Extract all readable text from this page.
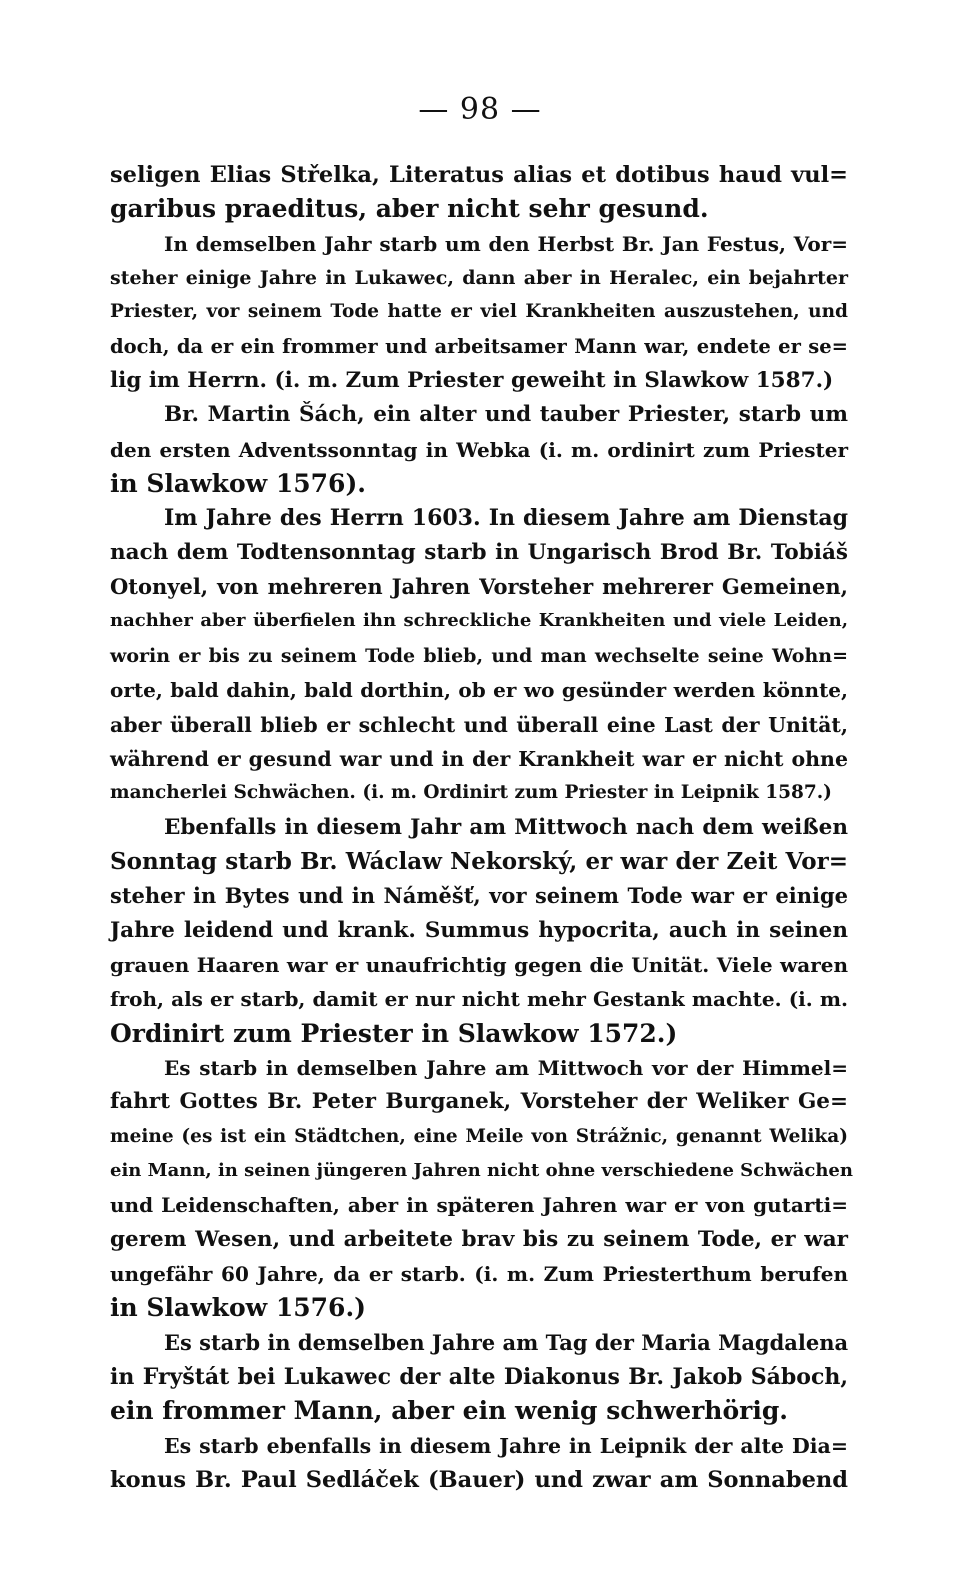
— 98 —
seligen Elias Střelka, Literatus alias et dotibus haud vul=
garibus praeditus, aber nicht sehr gesund.
In demselben Jahr starb um den Herbst Br. Jan Festus, Vor=
steher einige Jahre in Lukawec, dann aber in Heralec, ein bejahrter
Priester, vor seinem Tode hatte er viel Krankheiten auszustehen, und
doch, da er ein frommer und arbeitsamer Mann war, endete er se=
lig im Herrn. (i. m. Zum Priester geweiht in Slawkow 1587.)
Br. Martin Šách, ein alter und tauber Priester, starb um
den ersten Adventssonntag in Webka (i. m. ordinirt zum Priester
in Slawkow 1576).
Im Jahre des Herrn 1603. In diesem Jahre am Dienstag
nach dem Todtensonntag starb in Ungarisch Brod Br. Tobiáš
Otonyel, von mehreren Jahren Vorsteher mehrerer Gemeinen,
nachher aber überfielen ihn schreckliche Krankheiten und viele Leiden,
worin er bis zu seinem Tode blieb, und man wechselte seine Wohn=
orte, bald dahin, bald dorthin, ob er wo gesünder werden könnte,
aber überall blieb er schlecht und überall eine Last der Unität,
während er gesund war und in der Krankheit war er nicht ohne
mancherlei Schwächen. (i. m. Ordinirt zum Priester in Leipnik 1587.)
Ebenfalls in diesem Jahr am Mittwoch nach dem weißen
Sonntag starb Br. Wáclaw Nekorský, er war der Zeit Vor=
steher in Bytes und in Náměšť, vor seinem Tode war er einige
Jahre leidend und krank. Summus hypocrita, auch in seinen
grauen Haaren war er unaufrichtig gegen die Unität. Viele waren
froh, als er starb, damit er nur nicht mehr Gestank machte. (i. m.
Ordinirt zum Priester in Slawkow 1572.)
Es starb in demselben Jahre am Mittwoch vor der Himmel=
fahrt Gottes Br. Peter Burganek, Vorsteher der Weliker Ge=
meine (es ist ein Städtchen, eine Meile von Strážnic, genannt Welika)
ein Mann, in seinen jüngeren Jahren nicht ohne verschiedene Schwächen
und Leidenschaften, aber in späteren Jahren war er von gutarti=
gerem Wesen, und arbeitete brav bis zu seinem Tode, er war
ungefähr 60 Jahre, da er starb. (i. m. Zum Priesterthum berufen
in Slawkow 1576.)
Es starb in demselben Jahre am Tag der Maria Magdalena
in Fryštát bei Lukawec der alte Diakonus Br. Jakob Sáboch,
ein frommer Mann, aber ein wenig schwerhörig.
Es starb ebenfalls in diesem Jahre in Leipnik der alte Dia=
konus Br. Paul Sedláček (Bauer) und zwar am Sonnabend
